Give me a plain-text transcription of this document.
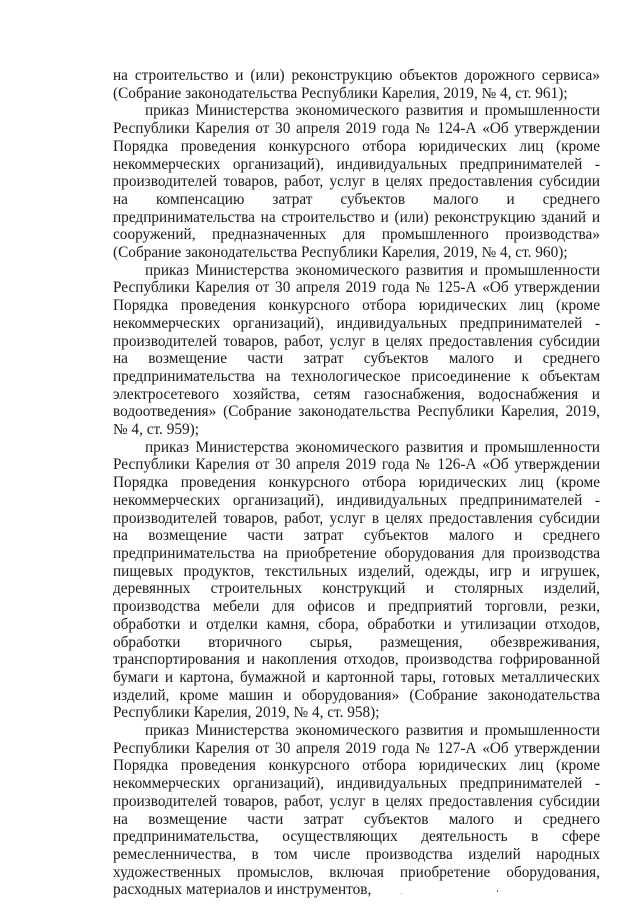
на строительство и (или) реконструкцию объектов дорожного сервиса» (Собрание законодательства Республики Карелия, 2019, № 4, ст. 961);

приказ Министерства экономического развития и промышленности Республики Карелия от 30 апреля 2019 года № 124-А «Об утверждении Порядка проведения конкурсного отбора юридических лиц (кроме некоммерческих организаций), индивидуальных предпринимателей - производителей товаров, работ, услуг в целях предоставления субсидии на компенсацию затрат субъектов малого и среднего предпринимательства на строительство и (или) реконструкцию зданий и сооружений, предназначенных для промышленного производства» (Собрание законодательства Республики Карелия, 2019, № 4, ст. 960);

приказ Министерства экономического развития и промышленности Республики Карелия от 30 апреля 2019 года № 125-А «Об утверждении Порядка проведения конкурсного отбора юридических лиц (кроме некоммерческих организаций), индивидуальных предпринимателей - производителей товаров, работ, услуг в целях предоставления субсидии на возмещение части затрат субъектов малого и среднего предпринимательства на технологическое присоединение к объектам электросетевого хозяйства, сетям газоснабжения, водоснабжения и водоотведения» (Собрание законодательства Республики Карелия, 2019, № 4, ст. 959);

приказ Министерства экономического развития и промышленности Республики Карелия от 30 апреля 2019 года № 126-А «Об утверждении Порядка проведения конкурсного отбора юридических лиц (кроме некоммерческих организаций), индивидуальных предпринимателей - производителей товаров, работ, услуг в целях предоставления субсидии на возмещение части затрат субъектов малого и среднего предпринимательства на приобретение оборудования для производства пищевых продуктов, текстильных изделий, одежды, игр и игрушек, деревянных строительных конструкций и столярных изделий, производства мебели для офисов и предприятий торговли, резки, обработки и отделки камня, сбора, обработки и утилизации отходов, обработки вторичного сырья, размещения, обезвреживания, транспортирования и накопления отходов, производства гофрированной бумаги и картона, бумажной и картонной тары, готовых металлических изделий, кроме машин и оборудования» (Собрание законодательства Республики Карелия, 2019, № 4, ст. 958);

приказ Министерства экономического развития и промышленности Республики Карелия от 30 апреля 2019 года № 127-А «Об утверждении Порядка проведения конкурсного отбора юридических лиц (кроме некоммерческих организаций), индивидуальных предпринимателей - производителей товаров, работ, услуг в целях предоставления субсидии на возмещение части затрат субъектов малого и среднего предпринимательства, осуществляющих деятельность в сфере ремесленничества, в том числе производства изделий народных художественных промыслов, включая приобретение оборудования, расходных материалов и инструментов,
